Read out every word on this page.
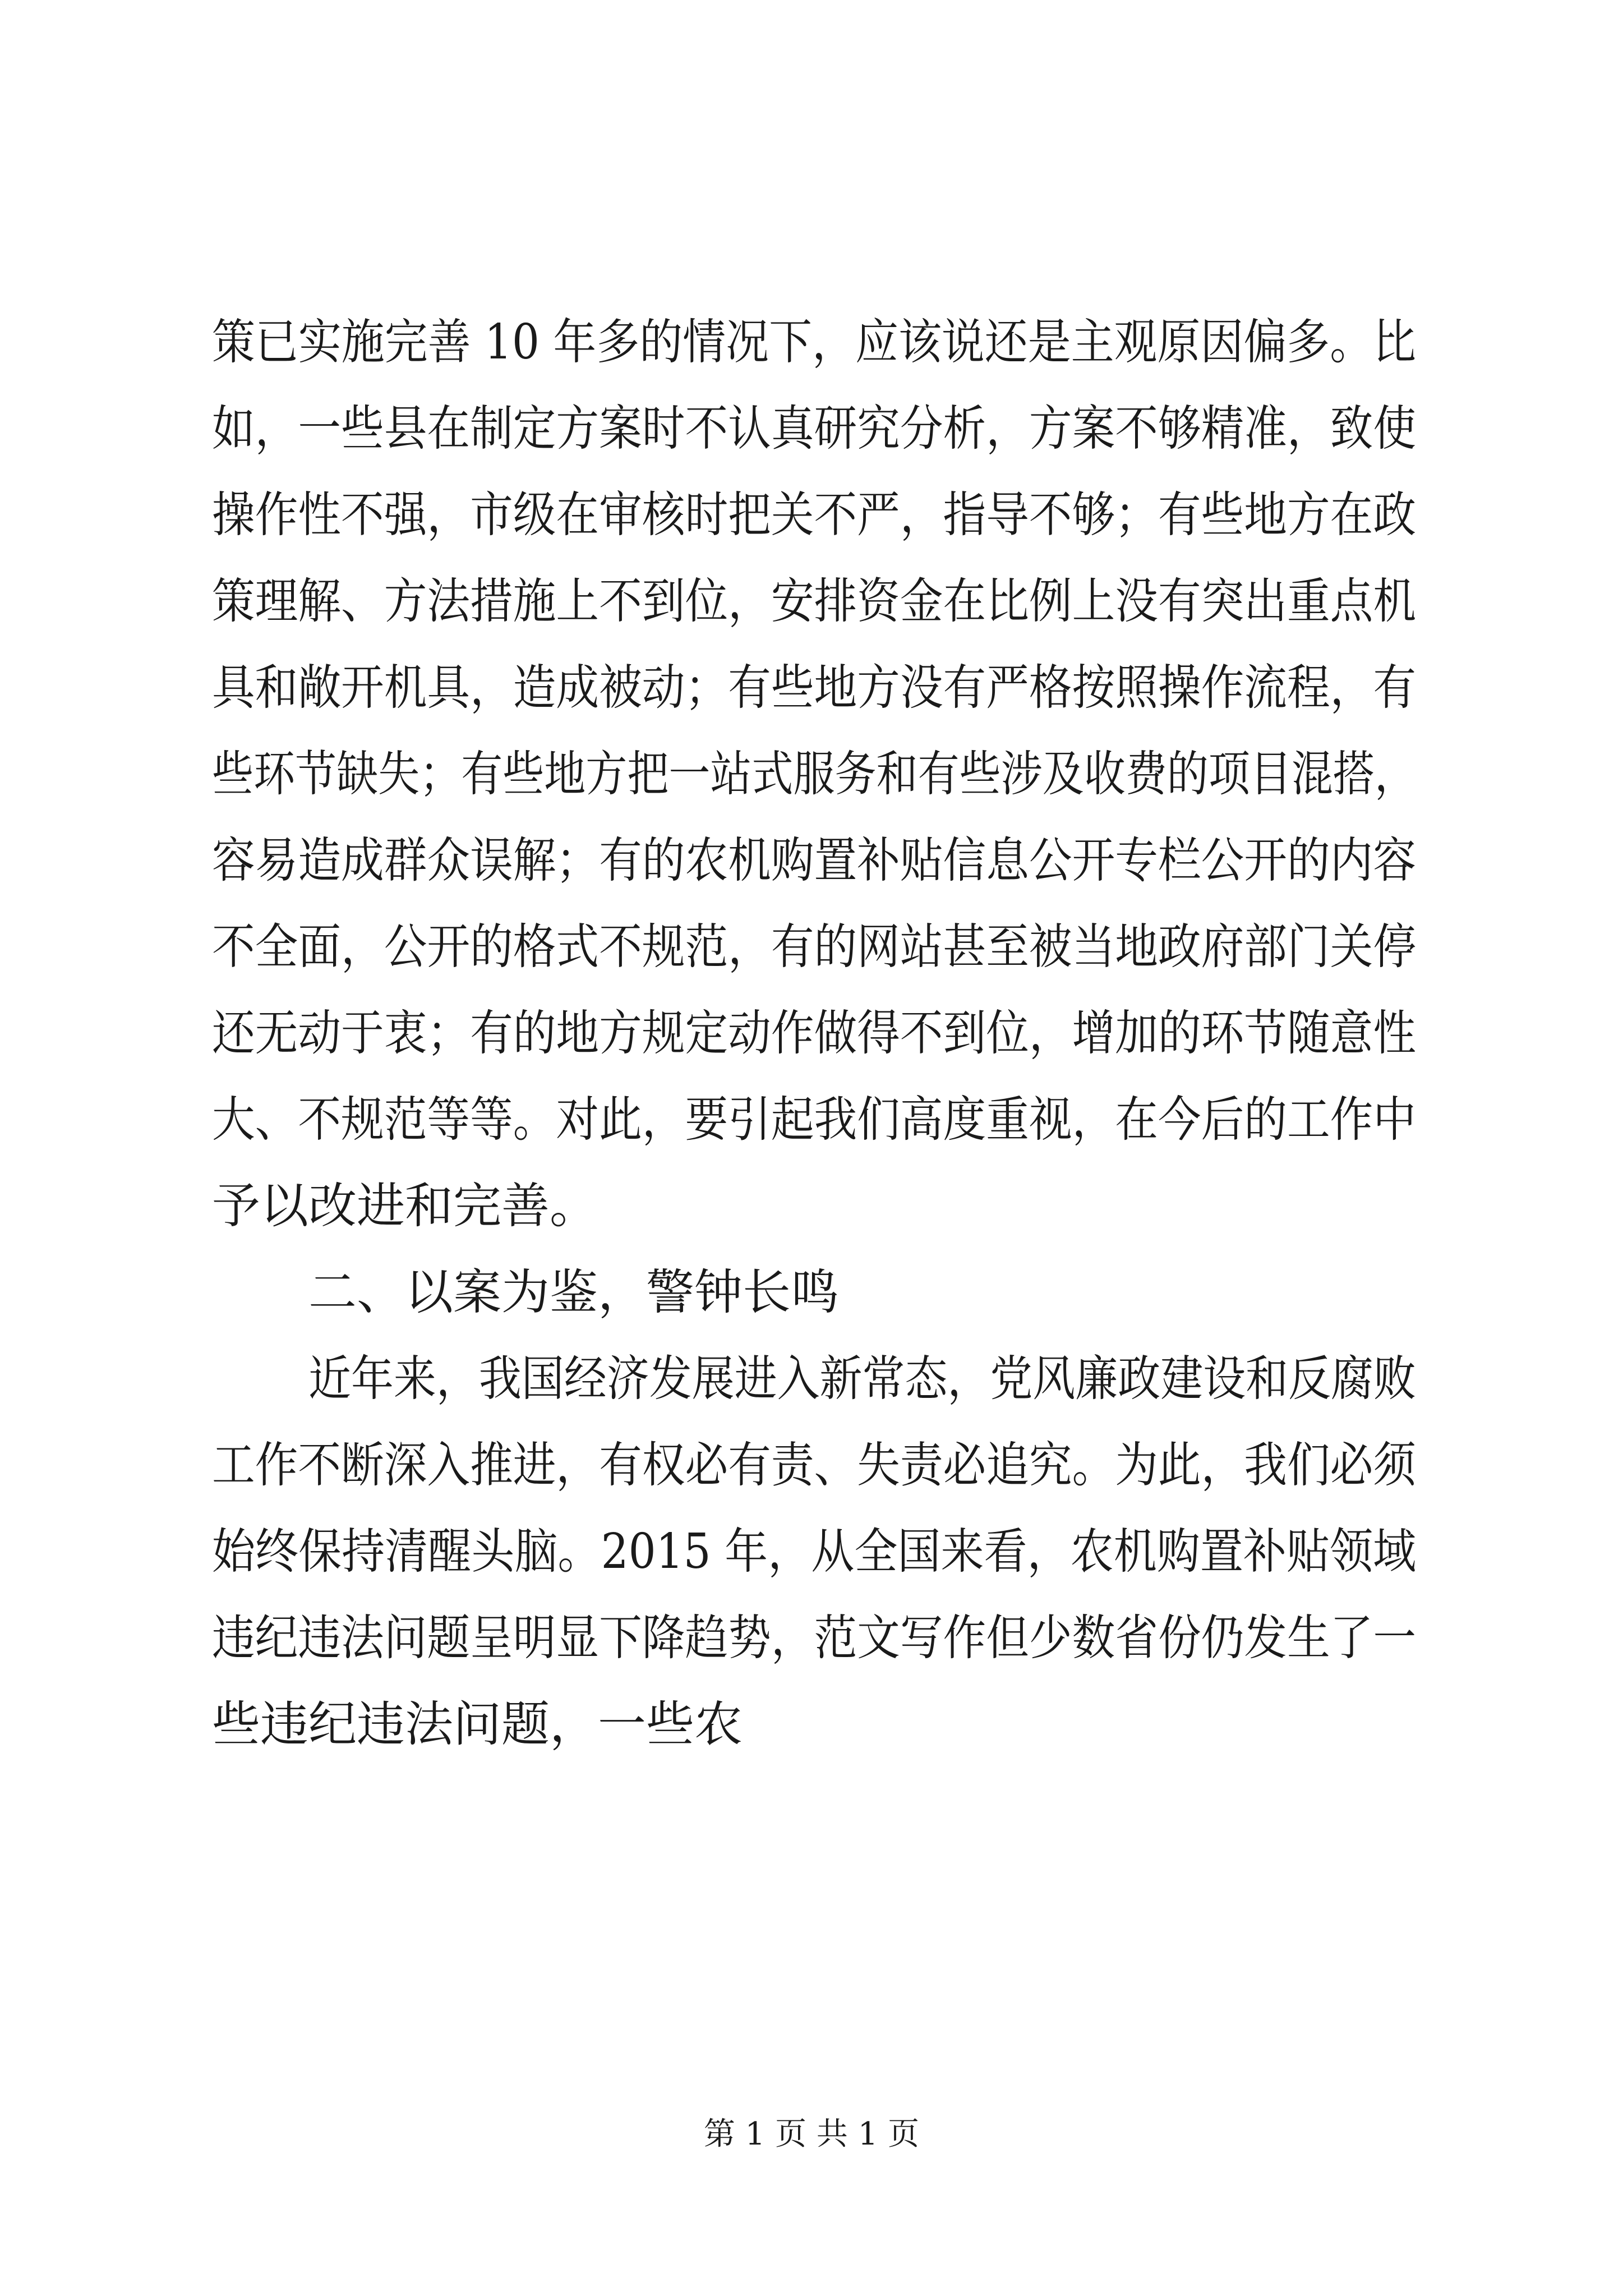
策已实施完善 10 年多的情况下，应该说还是主观原因偏多。比
如，一些县在制定方案时不认真研究分析，方案不够精准，致使
操作性不强，市级在审核时把关不严，指导不够；有些地方在政
策理解、方法措施上不到位，安排资金在比例上没有突出重点机
具和敞开机具，造成被动；有些地方没有严格按照操作流程，有
些环节缺失；有些地方把一站式服务和有些涉及收费的项目混搭，
容易造成群众误解；有的农机购置补贴信息公开专栏公开的内容
不全面，公开的格式不规范，有的网站甚至被当地政府部门关停
还无动于衷；有的地方规定动作做得不到位，增加的环节随意性
大、不规范等等。对此，要引起我们高度重视，在今后的工作中
予以改进和完善。
二、以案为鉴，警钟长鸣
近年来，我国经济发展进入新常态，党风廉政建设和反腐败
工作不断深入推进，有权必有责、失责必追究。为此，我们必须
始终保持清醒头脑。2015 年，从全国来看，农机购置补贴领域
违纪违法问题呈明显下降趋势，范文写作但少数省份仍发生了一
些违纪违法问题，一些农
第 1 页 共 1 页
